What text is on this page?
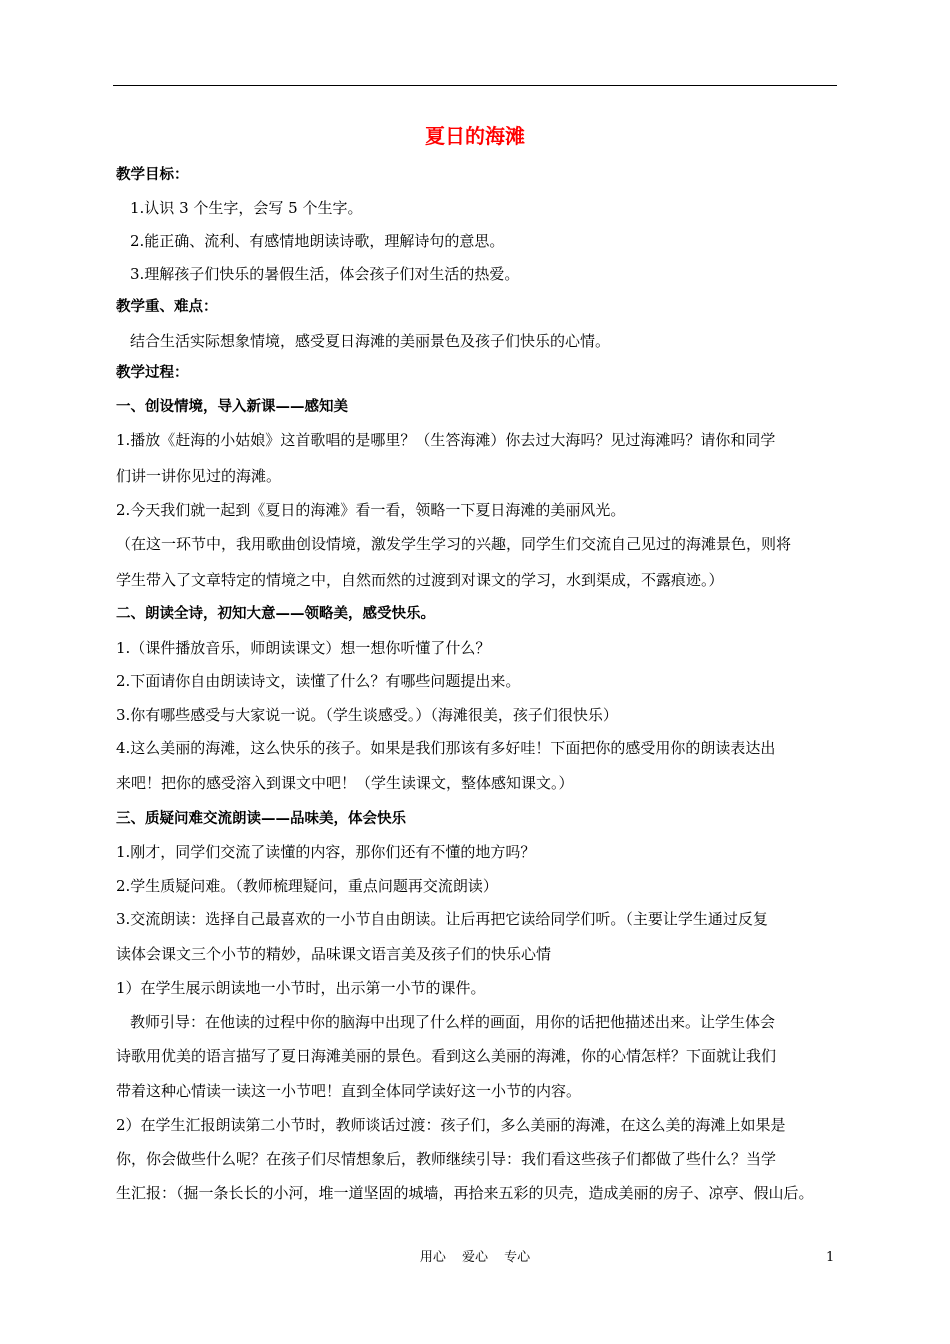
夏日的海滩

教学目标：

1.认识 3 个生字，会写 5 个生字。

2.能正确、流利、有感情地朗读诗歌，理解诗句的意思。

3.理解孩子们快乐的暑假生活，体会孩子们对生活的热爱。

教学重、难点：

结合生活实际想象情境，感受夏日海滩的美丽景色及孩子们快乐的心情。

教学过程：

一、创设情境，导入新课——感知美

1.播放《赶海的小姑娘》这首歌唱的是哪里？（生答海滩）你去过大海吗？见过海滩吗？请你和同学

们讲一讲你见过的海滩。

2.今天我们就一起到《夏日的海滩》看一看，领略一下夏日海滩的美丽风光。

（在这一环节中，我用歌曲创设情境，激发学生学习的兴趣，同学生们交流自己见过的海滩景色，则将

学生带入了文章特定的情境之中，自然而然的过渡到对课文的学习，水到渠成，不露痕迹。）

二、朗读全诗，初知大意——领略美，感受快乐。

1.（课件播放音乐，师朗读课文）想一想你听懂了什么？

2.下面请你自由朗读诗文，读懂了什么？有哪些问题提出来。

3.你有哪些感受与大家说一说。（学生谈感受。）（海滩很美，孩子们很快乐）

4.这么美丽的海滩，这么快乐的孩子。如果是我们那该有多好哇！下面把你的感受用你的朗读表达出

来吧！把你的感受溶入到课文中吧！（学生读课文，整体感知课文。）

三、质疑问难交流朗读——品味美，体会快乐

1.刚才，同学们交流了读懂的内容，那你们还有不懂的地方吗？

2.学生质疑问难。（教师梳理疑问，重点问题再交流朗读）

3.交流朗读：选择自己最喜欢的一小节自由朗读。让后再把它读给同学们听。（主要让学生通过反复

读体会课文三个小节的精妙，品味课文语言美及孩子们的快乐心情

1）在学生展示朗读地一小节时，出示第一小节的课件。

教师引导：在他读的过程中你的脑海中出现了什么样的画面，用你的话把他描述出来。让学生体会

诗歌用优美的语言描写了夏日海滩美丽的景色。看到这么美丽的海滩，你的心情怎样？下面就让我们

带着这种心情读一读这一小节吧！直到全体同学读好这一小节的内容。

2）在学生汇报朗读第二小节时，教师谈话过渡：孩子们，多么美丽的海滩，在这么美的海滩上如果是

你，你会做些什么呢？在孩子们尽情想象后，教师继续引导：我们看这些孩子们都做了些什么？当学

生汇报：（掘一条长长的小河，堆一道坚固的城墙，再拾来五彩的贝壳，造成美丽的房子、凉亭、假山后。

用心 爱心 专心	1
